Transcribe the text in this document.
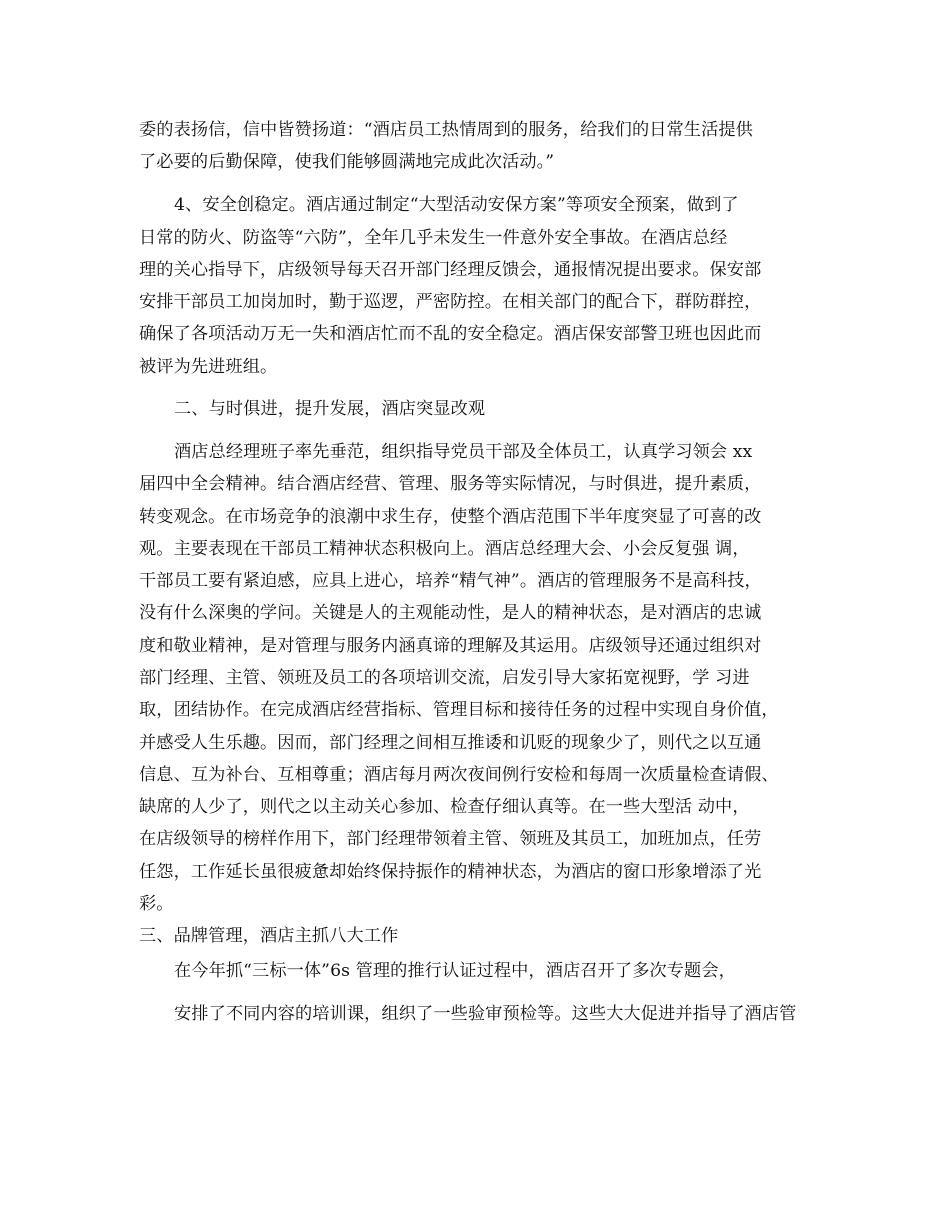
委的表扬信，信中皆赞扬道：“酒店员工热情周到的服务，给我们的日常生活提供
了必要的后勤保障，使我们能够圆满地完成此次活动。”
4、安全创稳定。酒店通过制定“大型活动安保方案”等项安全预案，做到了
日常的防火、防盗等“六防”，全年几乎未发生一件意外安全事故。在酒店总经
理的关心指导下，店级领导每天召开部门经理反馈会，通报情况提出要求。保安部
安排干部员工加岗加时，勤于巡逻，严密防控。在相关部门的配合下，群防群控，
确保了各项活动万无一失和酒店忙而不乱的安全稳定。酒店保安部警卫班也因此而
被评为先进班组。
二、与时俱进，提升发展，酒店突显改观
酒店总经理班子率先垂范，组织指导党员干部及全体员工，认真学习领会 xx
届四中全会精神。结合酒店经营、管理、服务等实际情况，与时俱进，提升素质，
转变观念。在市场竞争的浪潮中求生存，使整个酒店范围下半年度突显了可喜的改
观。主要表现在干部员工精神状态积极向上。酒店总经理大会、小会反复强 调，
干部员工要有紧迫感，应具上进心，培养“精气神”。酒店的管理服务不是高科技，
没有什么深奥的学问。关键是人的主观能动性，是人的精神状态，是对酒店的忠诚
度和敬业精神，是对管理与服务内涵真谛的理解及其运用。店级领导还通过组织对
部门经理、主管、领班及员工的各项培训交流，启发引导大家拓宽视野，学 习进
取，团结协作。在完成酒店经营指标、管理目标和接待任务的过程中实现自身价值，
并感受人生乐趣。因而，部门经理之间相互推诿和讥贬的现象少了，则代之以互通
信息、互为补台、互相尊重；酒店每月两次夜间例行安检和每周一次质量检查请假、
缺席的人少了，则代之以主动关心参加、检查仔细认真等。在一些大型活 动中，
在店级领导的榜样作用下，部门经理带领着主管、领班及其员工，加班加点，任劳
任怨，工作延长虽很疲惫却始终保持振作的精神状态，为酒店的窗口形象增添了光
彩。
三、品牌管理，酒店主抓八大工作
在今年抓“三标一体”6s 管理的推行认证过程中，酒店召开了多次专题会，
安排了不同内容的培训课，组织了一些验审预检等。这些大大促进并指导了酒店管
